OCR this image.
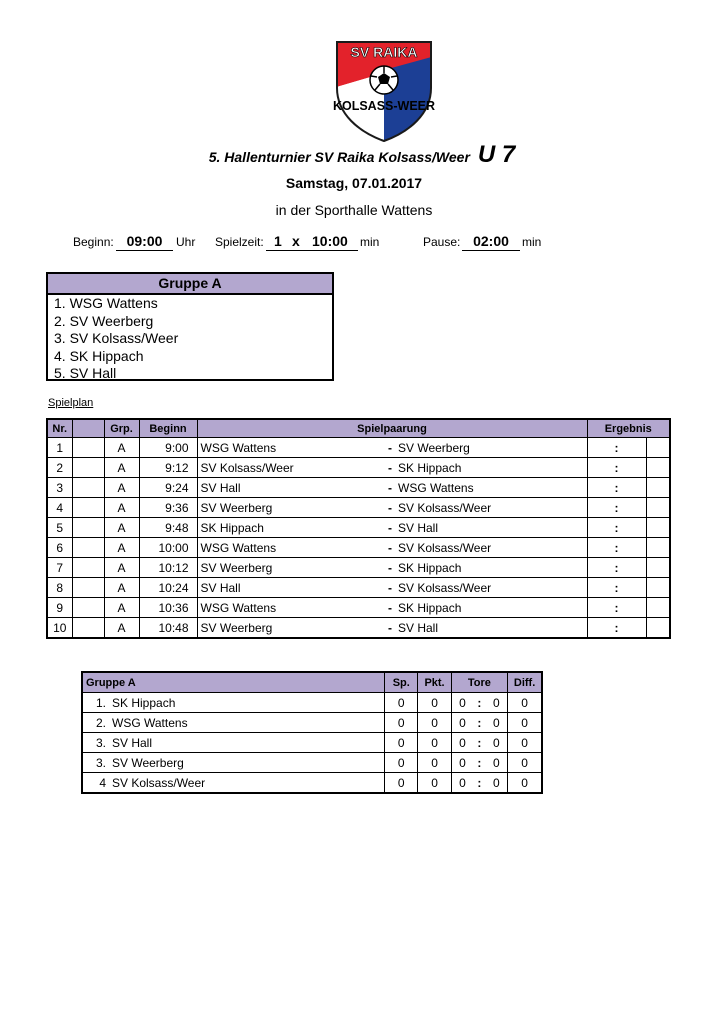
SV RAIKA
KOLSASS-WEER
5. Hallenturnier SV Raika Kolsass/Weer U 7
Samstag, 07.01.2017
in der Sporthalle Wattens
Beginn: 09:00	Uhr Spielzeit: 1 x 10:00 min	Pause: 02:00	min
Gruppe A
1. WSG Wattens
2. SV Weerberg
3. SV Kolsass/Weer
4. SK Hippach
5. SV Hall
Spielplan
Nr.		Grp.	Beginn	Spielpaarung			Ergebnis	
1		A	9:00	WSG Wattens	-	SV Weerberg	:	
2		A	9:12	SV Kolsass/Weer	-	SK Hippach	:	
3		A	9:24	SV Hall	-	WSG Wattens	:	
4		A	9:36	SV Weerberg	-	SV Kolsass/Weer	:	
5		A	9:48	SK Hippach	-	SV Hall	:	
6		A	10:00	WSG Wattens	-	SV Kolsass/Weer	:	
7		A	10:12	SV Weerberg	-	SK Hippach	:	
8		A	10:24	SV Hall	-	SV Kolsass/Weer	:	
9		A	10:36	WSG Wattens	-	SK Hippach	:	
10		A	10:48	SV Weerberg	-	SV Hall	:	
Gruppe A	Sp.	Pkt.	Tore			Diff.
1. SK Hippach	0	0	0	:	0	0
2. WSG Wattens	0	0	0	:	0	0
3. SV Hall	0	0	0	:	0	0
3. SV Weerberg	0	0	0	:	0	0
4 SV Kolsass/Weer	0	0	0	:	0	0
